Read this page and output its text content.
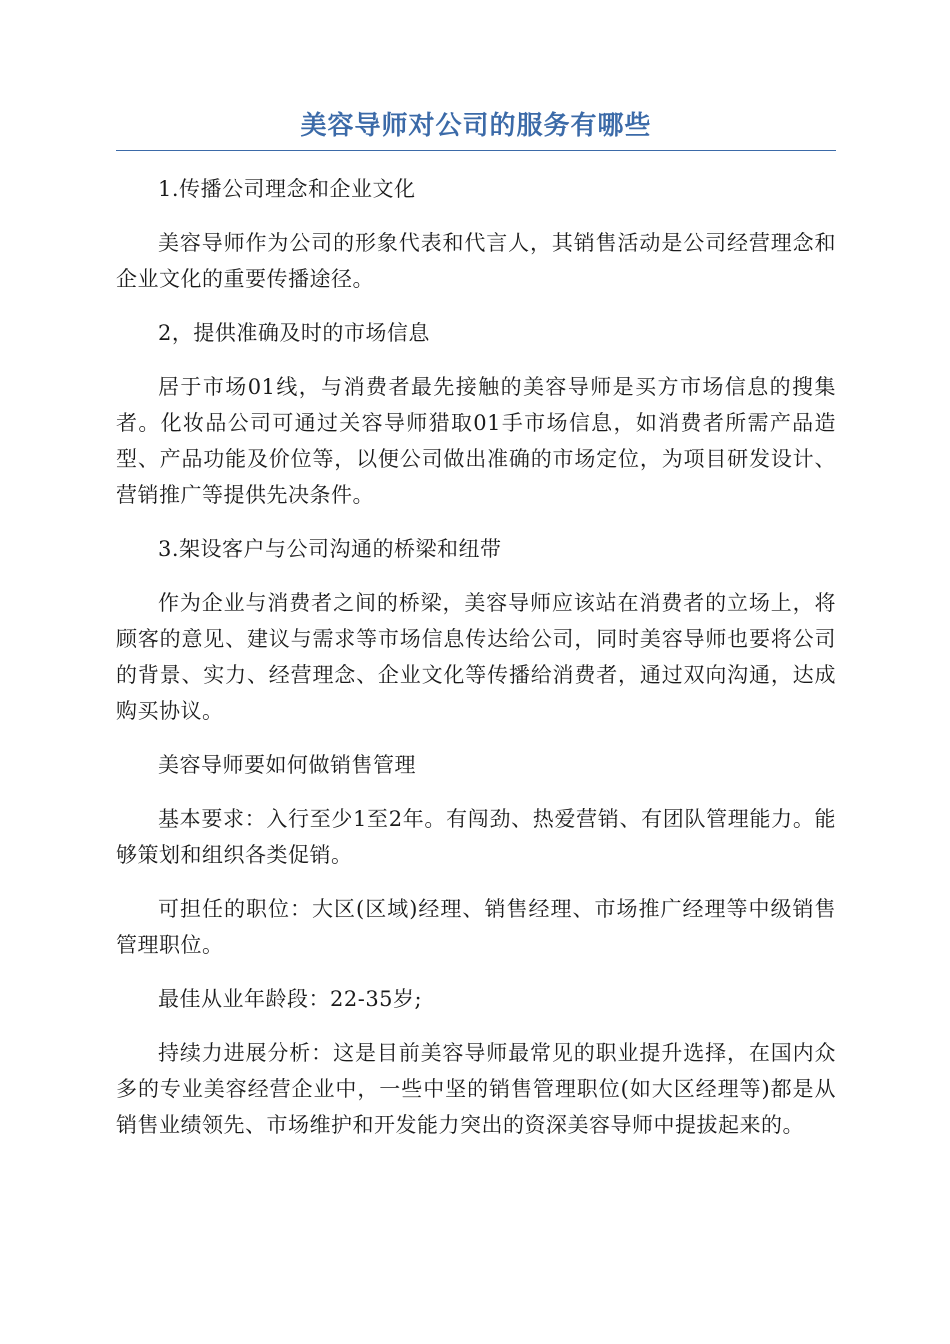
美容导师对公司的服务有哪些

1.传播公司理念和企业文化

美容导师作为公司的形象代表和代言人，其销售活动是公司经营理念和企业文化的重要传播途径。

2，提供准确及时的市场信息

居于市场01线，与消费者最先接触的美容导师是买方市场信息的搜集者。化妆品公司可通过关容导师猎取01手市场信息，如消费者所需产品造型、产品功能及价位等，以便公司做出准确的市场定位，为项目研发设计、营销推广等提供先决条件。

3.架设客户与公司沟通的桥梁和纽带

作为企业与消费者之间的桥梁，美容导师应该站在消费者的立场上，将顾客的意见、建议与需求等市场信息传达给公司，同时美容导师也要将公司的背景、实力、经营理念、企业文化等传播给消费者，通过双向沟通，达成购买协议。

美容导师要如何做销售管理

基本要求：入行至少1至2年。有闯劲、热爱营销、有团队管理能力。能够策划和组织各类促销。

可担任的职位：大区(区域)经理、销售经理、市场推广经理等中级销售管理职位。

最佳从业年龄段：22-35岁;

持续力进展分析：这是目前美容导师最常见的职业提升选择，在国内众多的专业美容经营企业中，一些中坚的销售管理职位(如大区经理等)都是从销售业绩领先、市场维护和开发能力突出的资深美容导师中提拔起来的。
